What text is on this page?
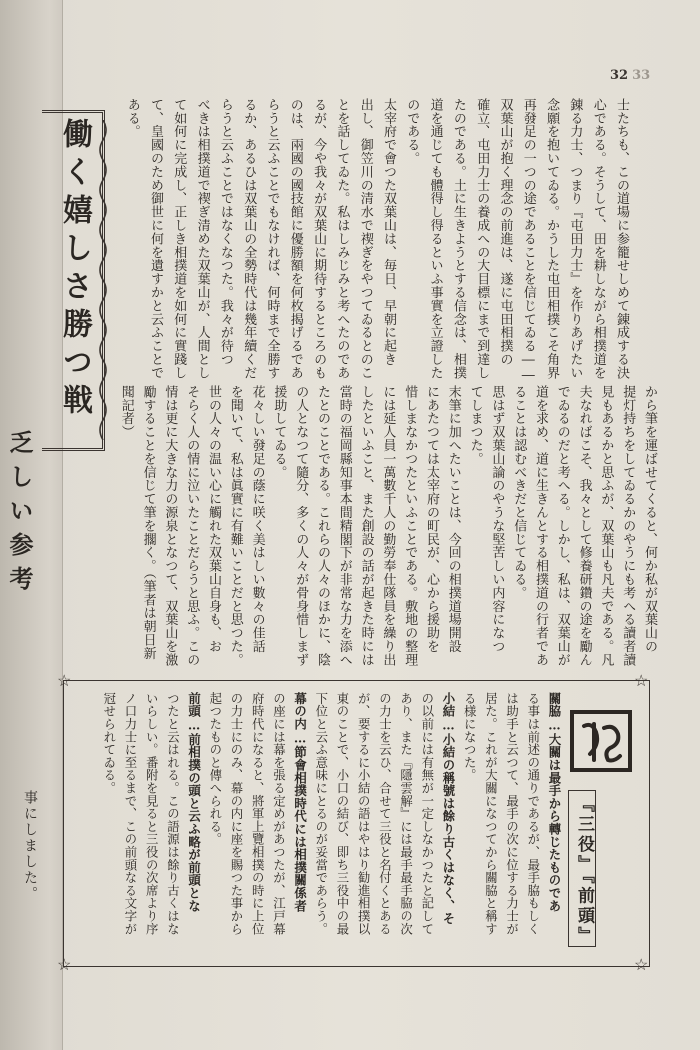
32 33
乏しい参考
事にしました。
働く嬉しさ勝つ戦	士たちも、この道場に参籠せしめて錬成する決
心である。そうして、田を耕しながら相撲道を
錬る力士、つまり『屯田力士』を作りあげたい
念願を抱いてゐる。かうした屯田相撲こそ角界
再發足の一つの途であることを信じてゐる――
双葉山が抱く理念の前進は、遂に屯田相撲の
確立、屯田力士の養成への大目標にまで到達し
たのである。土に生きようとする信念は、相撲
道を通じても體得し得るといふ事實を立證した
のである。
太宰府で會つた双葉山は、毎日、早朝に起き
出し、御笠川の清水で禊ぎをやつてゐるとのこ
とを話してゐた。私はしみじみと考へたのであ
るが、今や我々が双葉山に期待するところのも
のは、兩國の國技館に優勝額を何枚揭げるであ
らうと云ふことでもなければ、何時まで全勝す
るか、あるひは双葉山の全勢時代は幾年續くだ
らうと云ふことではなくなつた。我々が待つ
べきは相撲道で禊ぎ清めた双葉山が、人間とし
て如何に完成し、正しき相撲道を如何に實踐し
て、皇國のため御世に何を遺すかと云ふことで
ある。
から筆を運ばせてくると、何か私が双葉山の
提灯持ちをしてゐるかのやうにも考へる讀者讀
見もあるかと思ふが、双葉山も凡夫である。凡
夫なればこそ、我々として修養研鑽の途を勵ん
でゐるのだと考へる。しかし、私は、双葉山が
道を求め、道に生きんとする相撲道の行者であ
ることは認むべきだと信じてゐる。
思はず双葉山論のやうな堅苦しい内容になつ
てしまつた。
末筆に加へたいことは、今回の相撲道場開設
にあたつては太宰府の町民が、心から援助を
惜しまなかつたといふことである。敷地の整理
には延人員一萬數千人の勤勞奉仕隊員を繰り出
したといふこと、また創設の話が起きた時には
當時の福岡縣知事本間精閣下が非常な力を添へ
たとのことである。これらの人々のほかに、陰
の人となつて隨分、多くの人々が骨身惜しまず
援助してゐる。
花々しい發足の蔭に咲く美はしい數々の佳話
を聞いて、私は眞實に有難いことだと思つた。
世の人々の温い心に觸れた双葉山自身も、お
そらく人の情に泣いたことだらうと思ふ。この
情は更に大きな力の源泉となつて、双葉山を激
勵することを信じて筆を擱く。（筆者は朝日新
聞記者）
☆	☆
☆	☆
『三役』『前頭』
關脇…大關は最手から轉じたものであ
る事は前述の通りであるが、最手脇もしく
は助手と云つて、最手の次に位する力士が
居た。これが大關になつてから關脇と稱す
る様になつた。
小結…小結の稱號は餘り古くはなく、そ
の以前には有無が一定しなかつたと記して
あり、また『隱雲解』には最手最手脇の次
の力士を云ひ、合せて三役と名付くとある
が、要するに小結の語はやはり勧進相撲以
東のことで、小口の結び、即ち三役中の最
下位と云ふ意味にとるのが妥當であらう。
幕の内…節會相撲時代には相撲關係者
の座には幕を張る定めがあつたが、江戸幕
府時代になると、將軍上覽相撲の時に上位
の力士にのみ、幕の内に座を賜つた事から
起つたものと傳へられる。
前頭…前相撲の頭と云ふ略が前頭とな
つたと云はれる。この語源は餘り古くはな
いらしい。番附を見ると三役の次席より序
ノ口力士に至るまで、この前頭なる文字が
冠せられてゐる。
